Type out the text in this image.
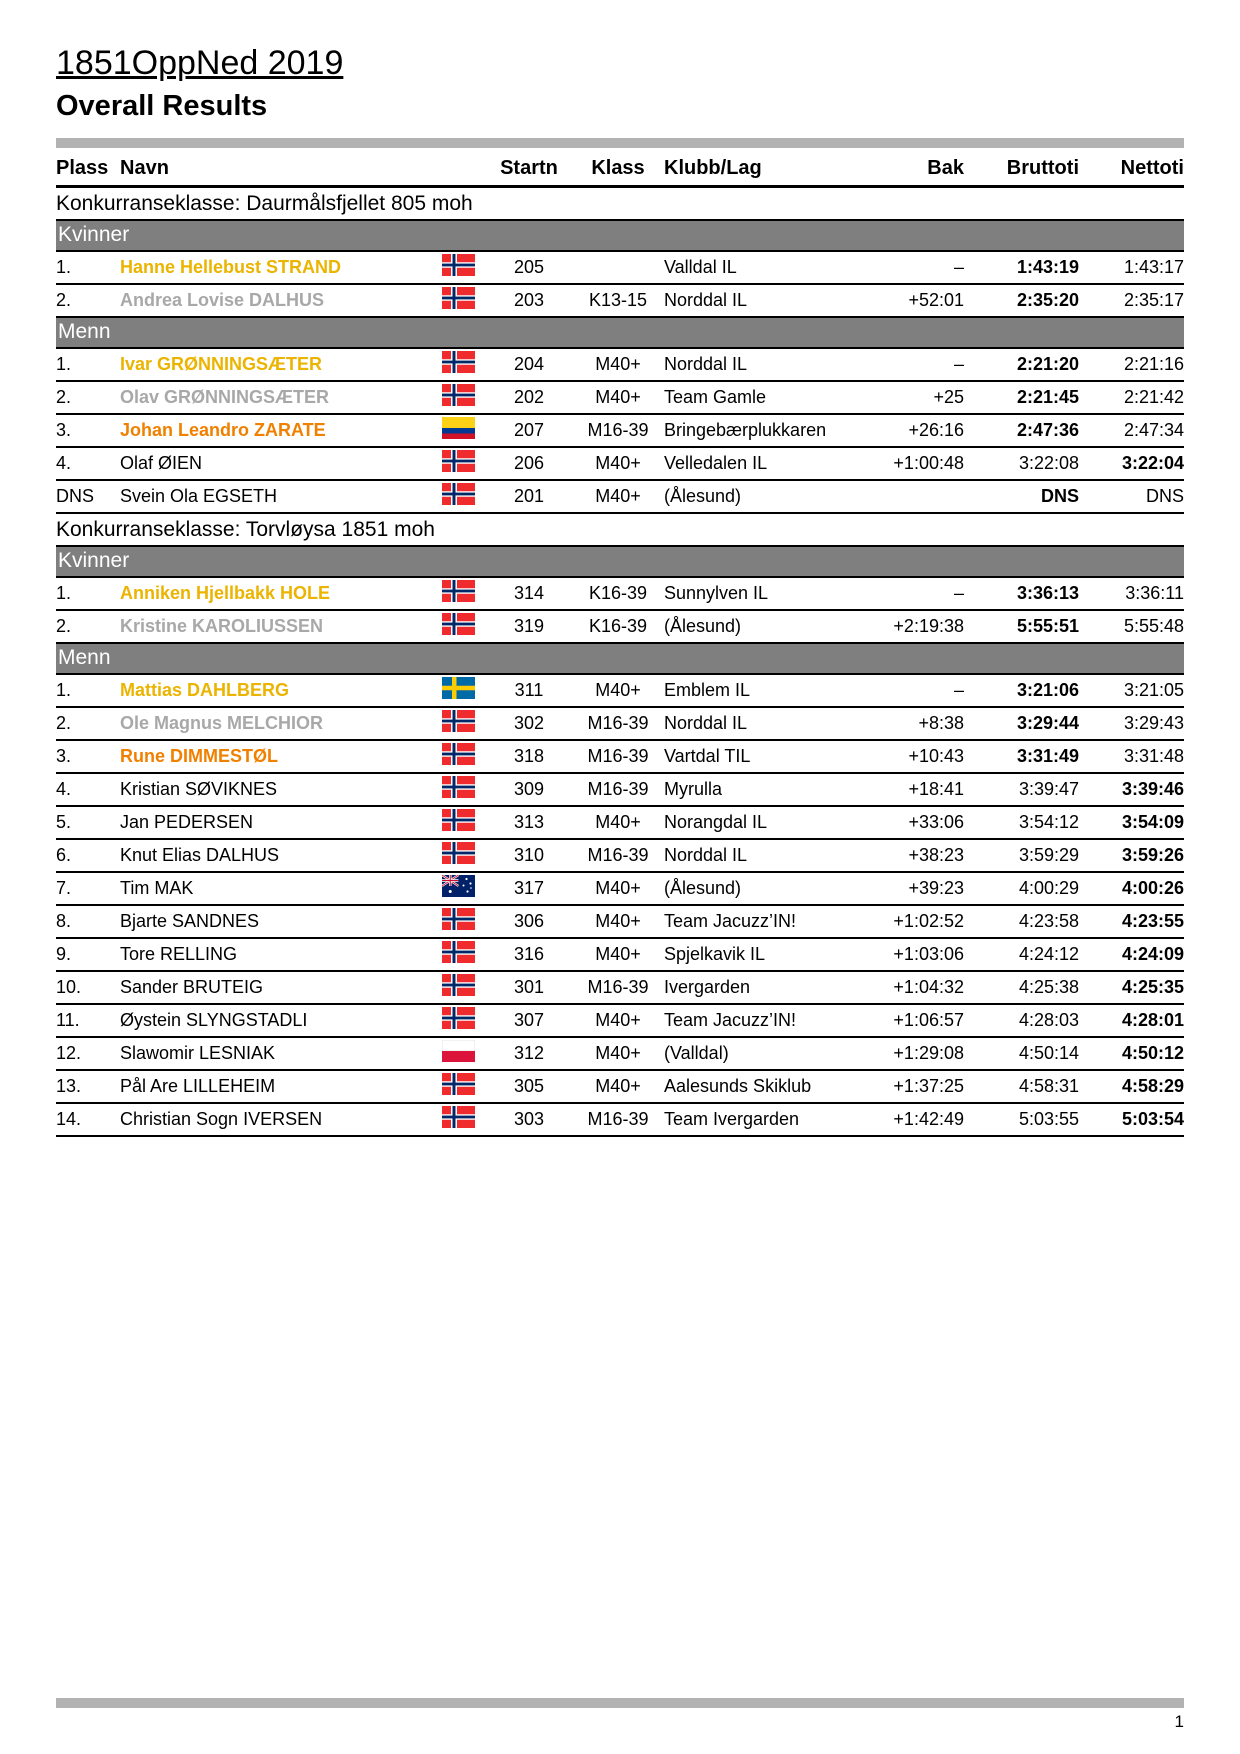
1851OppNed 2019
Overall Results
Plass	Navn		Startn	Klass	Klubb/Lag	Bak	Bruttoti	Nettoti
Konkurranseklasse: Daurmålsfjellet 805 moh								
Kvinner								
1.	Hanne Hellebust STRAND		205		Valldal IL	–	1:43:19	1:43:17
2.	Andrea Lovise DALHUS		203	K13-15	Norddal IL	+52:01	2:35:20	2:35:17
Menn								
1.	Ivar GRØNNINGSÆTER		204	M40+	Norddal IL	–	2:21:20	2:21:16
2.	Olav GRØNNINGSÆTER		202	M40+	Team Gamle	+25	2:21:45	2:21:42
3.	Johan Leandro ZARATE		207	M16-39	Bringebærplukkaren	+26:16	2:47:36	2:47:34
4.	Olaf ØIEN		206	M40+	Velledalen IL	+1:00:48	3:22:08	3:22:04
DNS	Svein Ola EGSETH		201	M40+	(Ålesund)		DNS	DNS
Konkurranseklasse: Torvløysa 1851 moh								
Kvinner								
1.	Anniken Hjellbakk HOLE		314	K16-39	Sunnylven IL	–	3:36:13	3:36:11
2.	Kristine KAROLIUSSEN		319	K16-39	(Ålesund)	+2:19:38	5:55:51	5:55:48
Menn								
1.	Mattias DAHLBERG		311	M40+	Emblem IL	–	3:21:06	3:21:05
2.	Ole Magnus MELCHIOR		302	M16-39	Norddal IL	+8:38	3:29:44	3:29:43
3.	Rune DIMMESTØL		318	M16-39	Vartdal TIL	+10:43	3:31:49	3:31:48
4.	Kristian SØVIKNES		309	M16-39	Myrulla	+18:41	3:39:47	3:39:46
5.	Jan PEDERSEN		313	M40+	Norangdal IL	+33:06	3:54:12	3:54:09
6.	Knut Elias DALHUS		310	M16-39	Norddal IL	+38:23	3:59:29	3:59:26
7.	Tim MAK		317	M40+	(Ålesund)	+39:23	4:00:29	4:00:26
8.	Bjarte SANDNES		306	M40+	Team Jacuzz’IN!	+1:02:52	4:23:58	4:23:55
9.	Tore RELLING		316	M40+	Spjelkavik IL	+1:03:06	4:24:12	4:24:09
10.	Sander BRUTEIG		301	M16-39	Ivergarden	+1:04:32	4:25:38	4:25:35
11.	Øystein SLYNGSTADLI		307	M40+	Team Jacuzz’IN!	+1:06:57	4:28:03	4:28:01
12.	Slawomir LESNIAK		312	M40+	(Valldal)	+1:29:08	4:50:14	4:50:12
13.	Pål Are LILLEHEIM		305	M40+	Aalesunds Skiklub	+1:37:25	4:58:31	4:58:29
14.	Christian Sogn IVERSEN		303	M16-39	Team Ivergarden	+1:42:49	5:03:55	5:03:54
1
